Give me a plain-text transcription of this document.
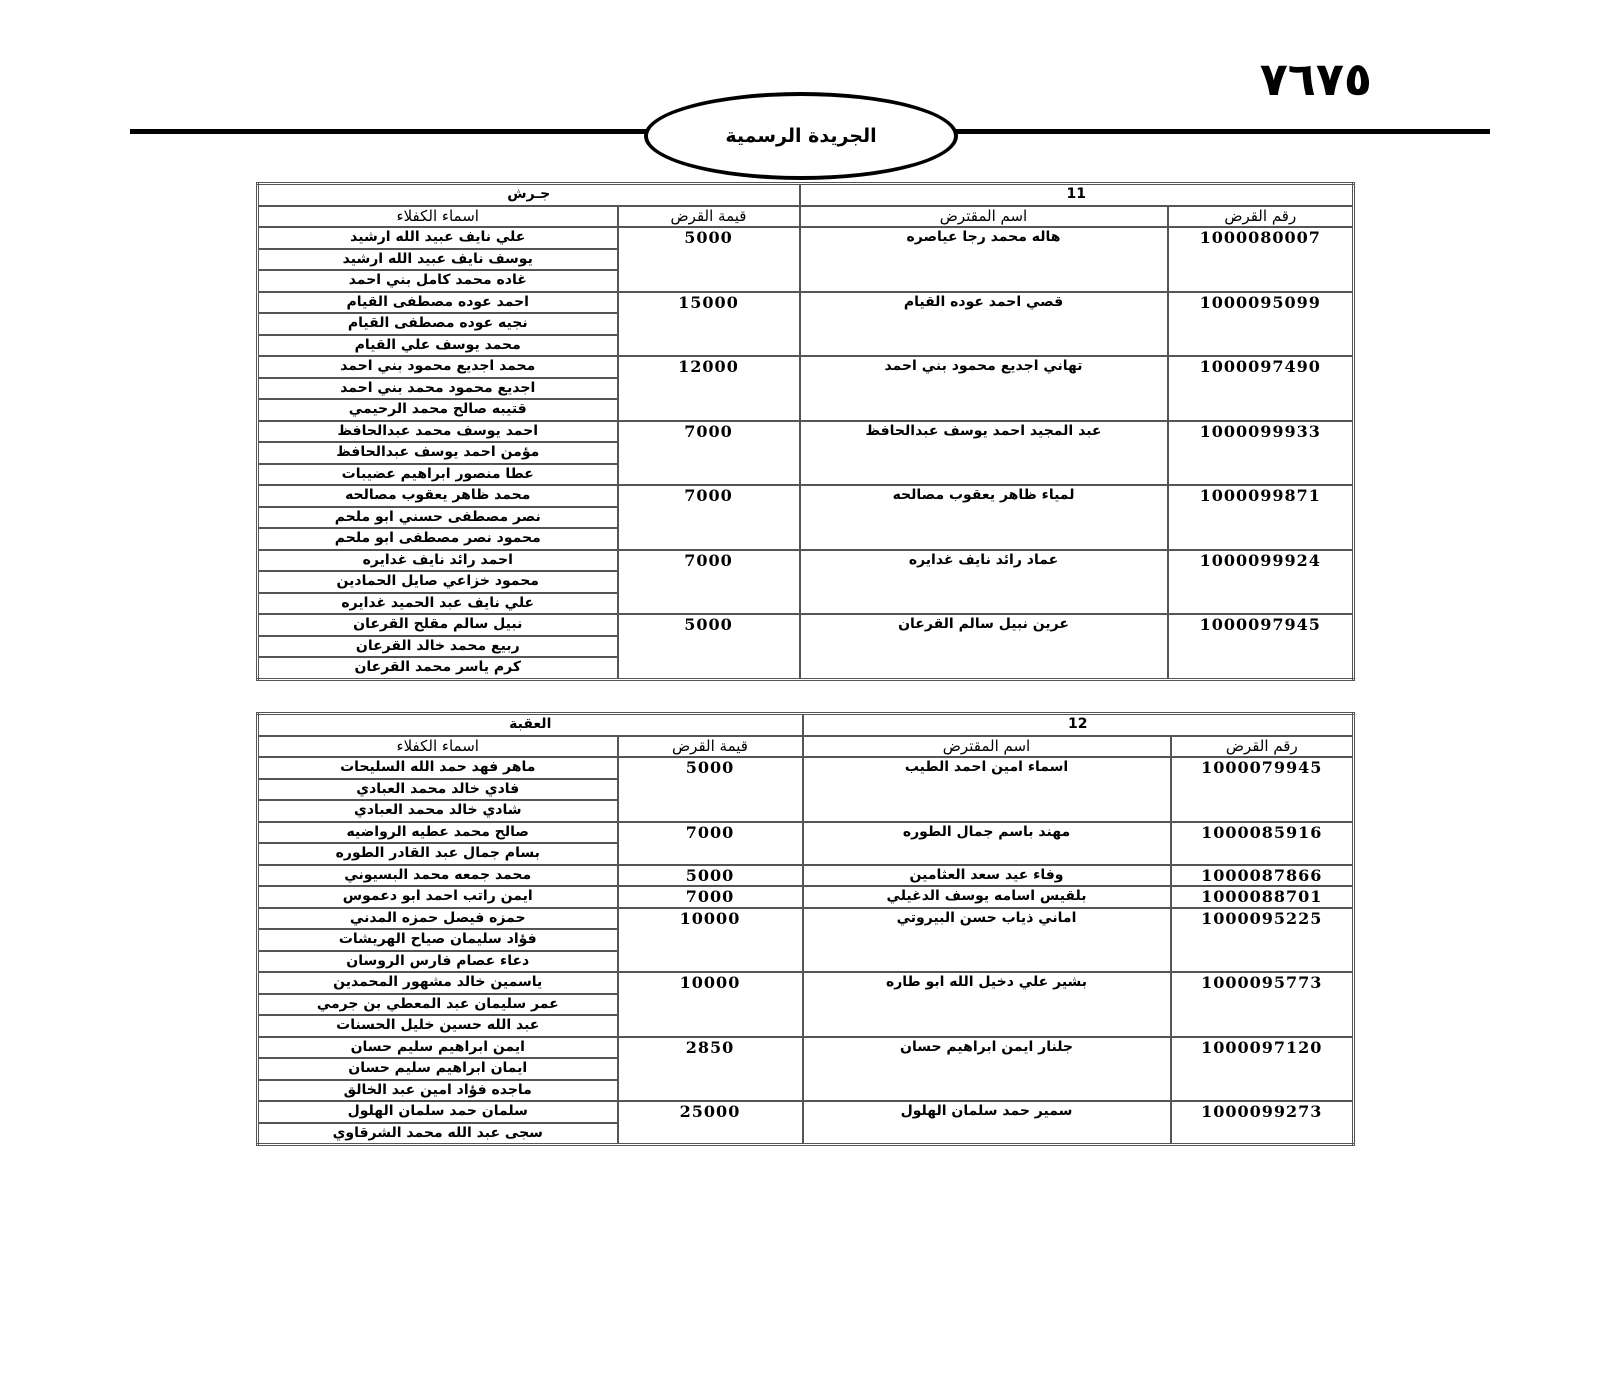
٧٦٧٥
الجريدة الرسمية
11		جـرش	
رقم القرض	اسم المقترض	قيمة القرض	اسماء الكفلاء
1000080007	هاله محمد رجا عياصره	5000	علي نايف عبيد الله ارشيد
			يوسف نايف عبيد الله ارشيد
			غاده محمد كامل بني احمد
1000095099	قصي احمد عوده القيام	15000	احمد عوده مصطفى القيام
			نجيه عوده مصطفى القيام
			محمد يوسف علي القيام
1000097490	تهاني اجديع محمود بني احمد	12000	محمد اجديع محمود بني احمد
			اجديع محمود محمد بني احمد
			قتيبه صالح محمد الرحيمي
1000099933	عبد المجيد احمد يوسف عبدالحافظ	7000	احمد يوسف محمد عبدالحافظ
			مؤمن احمد يوسف عبدالحافظ
			عطا منصور ابراهيم عضيبات
1000099871	لمياء ظاهر يعقوب مصالحه	7000	محمد ظاهر يعقوب مصالحه
			نصر مصطفى حسني ابو ملحم
			محمود نصر مصطفى ابو ملحم
1000099924	عماد رائد نايف غدايره	7000	احمد رائد نايف غدايره
			محمود خزاعي صايل الحمادين
			علي نايف عبد الحميد غدايره
1000097945	عرين نبيل سالم القرعان	5000	نبيل سالم مقلح القرعان
			ربيع محمد خالد القرعان
			كرم ياسر محمد القرعان
12		العقبة	
رقم القرض	اسم المقترض	قيمة القرض	اسماء الكفلاء
1000079945	اسماء امين احمد الطيب	5000	ماهر فهد حمد الله السليحات
			فادي خالد محمد العبادي
			شادي خالد محمد العبادي
1000085916	مهند باسم جمال الطوره	7000	صالح محمد عطيه الرواضيه
			بسام جمال عبد القادر الطوره
1000087866	وفاء عيد سعد العثامين	5000	محمد جمعه محمد البسيوني
1000088701	بلقيس اسامه يوسف الدغيلي	7000	ايمن راتب احمد ابو دعموس
1000095225	اماني ذياب حسن البيروتي	10000	حمزه فيصل حمزه المدني
			فؤاد سليمان صياح الهريشات
			دعاء عصام فارس الروسان
1000095773	بشير علي دخيل الله ابو طاره	10000	ياسمين خالد مشهور المحمدين
			عمر سليمان عبد المعطي بن جرمي
			عبد الله حسين خليل الحسنات
1000097120	جلنار ايمن ابراهيم حسان	2850	ايمن ابراهيم سليم حسان
			ايمان ابراهيم سليم حسان
			ماجده فؤاد امين عبد الخالق
1000099273	سمير حمد سلمان الهلول	25000	سلمان حمد سلمان الهلول
			سجى عبد الله محمد الشرقاوي
